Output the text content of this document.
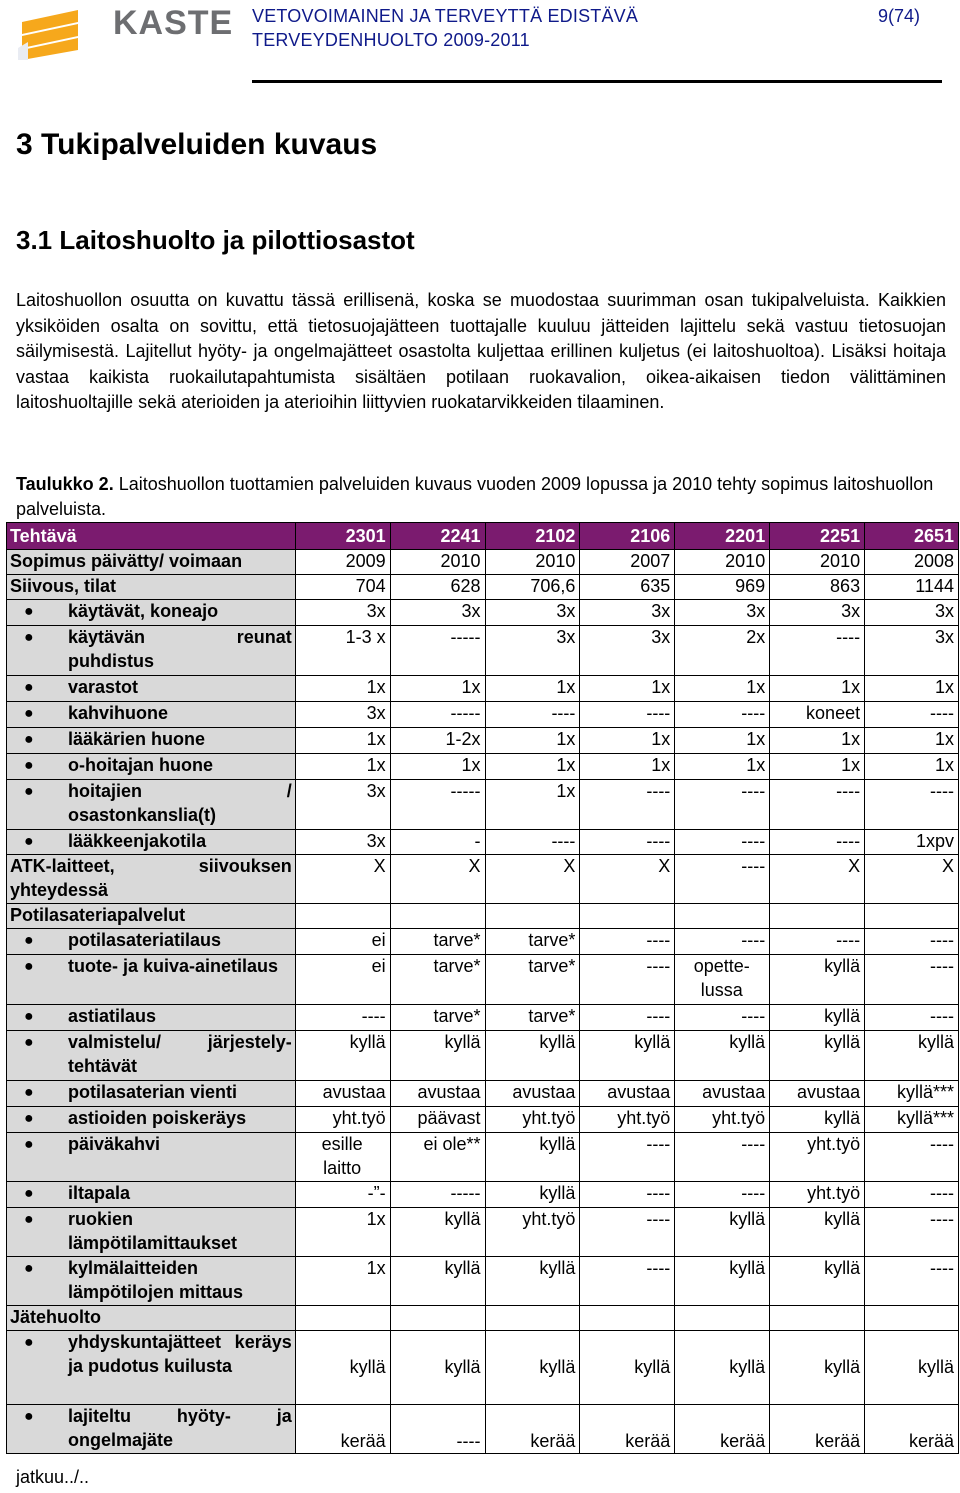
KASTE VETOVOIMAINEN JA TERVEYTTÄ EDISTÄVÄ
TERVEYDENHUOLTO 2009-2011
9(74)
3 Tukipalveluiden kuvaus
3.1 Laitoshuolto ja pilottiosastot

Laitoshuollon osuutta on kuvattu tässä erillisenä, koska se muodostaa suurimman osan tukipalveluista. Kaikkien yksiköiden osalta on sovittu, että tietosuojajätteen tuottajalle kuuluu jätteiden lajittelu sekä vastuu tietosuojan säilymisestä. Lajitellut hyöty- ja ongelmajätteet osastolta kuljettaa erillinen kuljetus (ei laitoshuoltoa). Lisäksi hoitaja vastaa kaikista ruokailutapahtumista sisältäen potilaan ruokavalion, oikea-aikaisen tiedon välittäminen laitoshuoltajille sekä aterioiden ja aterioihin liittyvien ruokatarvikkeiden tilaaminen.

Taulukko 2. Laitoshuollon tuottamien palveluiden kuvaus vuoden 2009 lopussa ja 2010 tehty sopimus laitoshuollon palveluista.

Tehtävä	2301	2241	2102	2106	2201	2251	2651

Sopimus päivätty/ voimaan	2009	2010	2010	2007	2010	2010	2008

Siivous, tilat	704	628	706,6	635	969	863	1144

● käytävät, koneajo	3x	3x	3x	3x	3x	3x	3x

● käytävän reunat puhdistus	1-3 x	-----	3x	3x	2x	----	3x

● varastot	1x	1x	1x	1x	1x	1x	1x

● kahvihuone	3x	-----	----	----	----	koneet	----

● lääkärien huone	1x	1-2x	1x	1x	1x	1x	1x

● o-hoitajan huone	1x	1x	1x	1x	1x	1x	1x

● hoitajien / osastonkanslia(t)	3x	-----	1x	----	----	----	----

● lääkkeenjakotila	3x	-	----	----	----	----	1xpv

ATK-laitteet, siivouksen yhteydessä	X	X	X	X	----	X	X

Potilasateriapalvelut							

● potilasateriatilaus	ei	tarve*	tarve*	----	----	----	----

● tuote- ja kuiva-ainetilaus	ei	tarve*	tarve*	----	opette-
lussa	kyllä	----

● astiatilaus	----	tarve*	tarve*	----	----	kyllä	----

● valmistelu/ järjestely-tehtävät	kyllä	kyllä	kyllä	kyllä	kyllä	kyllä	kyllä

● potilasaterian vienti	avustaa	avustaa	avustaa	avustaa	avustaa	avustaa	kyllä***

● astioiden poiskeräys	yht.työ	päävast	yht.työ	yht.työ	yht.työ	kyllä	kyllä***

● päiväkahvi	esille
laitto	ei ole**	kyllä	----	----	yht.työ	----

● iltapala	-”-	-----	kyllä	----	----	yht.työ	----

● ruokien lämpötilamittaukset	1x	kyllä	yht.työ	----	kyllä	kyllä	----

● kylmälaitteiden lämpötilojen mittaus	1x	kyllä	kyllä	----	kyllä	kyllä	----

Jätehuolto							

● yhdyskuntajätteet keräys ja pudotus kuilusta	kyllä	kyllä	kyllä	kyllä	kyllä	kyllä	kyllä

● lajiteltu hyöty- ja ongelmajäte	kerää	----	kerää	kerää	kerää	kerää	kerää
jatkuu../..
